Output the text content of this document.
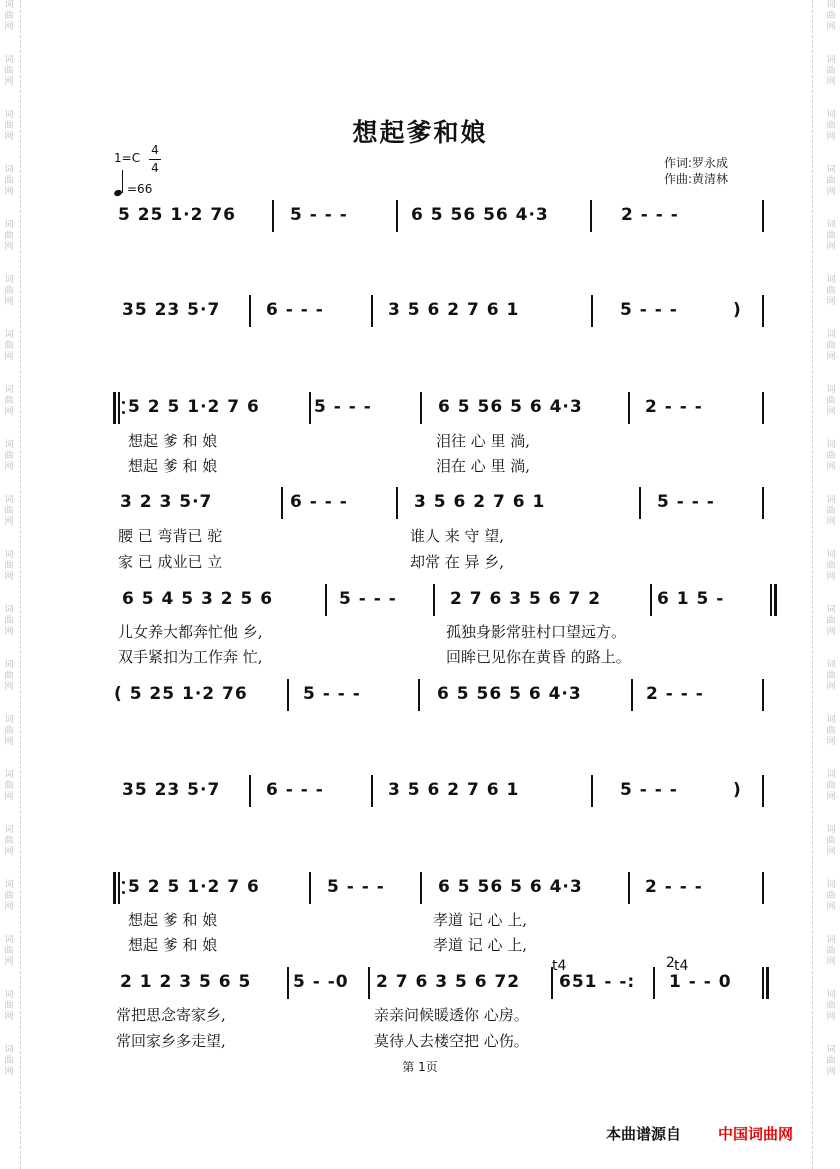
词
曲
网

词
曲
网

词
曲
网

词
曲
网

词
曲
网

词
曲
网

词
曲
网

词
曲
网

词
曲
网

词
曲
网

词
曲
网

词
曲
网

词
曲
网

词
曲
网

词
曲
网

词
曲
网

词
曲
网

词
曲
网

词
曲
网

词
曲
网

词
曲
网

词
曲
网

词
曲
网

词
曲
网

词
曲
网

词
曲
网

词
曲
网

词
曲
网

词
曲
网

词
曲
网

词
曲
网

词
曲
网

词
曲
网

词
曲
网

词
曲
网

词
曲
网

词
曲
网

词
曲
网

词
曲
网

词
曲
网

想起爹和娘
1=C
4
4
=66
作词:罗永成
作曲:黄清林
5 25 1·2 76	5 - - -	6 5 56 56 4·3	2 - - -
35 23 5·7	6 - - -	3 5 6 2 7 6 1	5 - - -	)
5 2 5 1·2 7 6	5 - - -	6 5 56 5 6 4·3	2 - - -
3 2 3 5·7	6 - - -	3 5 6 2 7 6 1	5 - - -
6 5 4 5 3 2 5 6	5 - - -	2 7 6 3 5 6 7 2	6 1 5 -
( 5 25 1·2 76	5 - - -	6 5 56 5 6 4·3	2 - - -
35 23 5·7	6 - - -	3 5 6 2 7 6 1	5 - - -	)
5 2 5 1·2 7 6	5 - - -	6 5 56 5 6 4·3	2 - - -
2 1 2 3 5 6 5 5 - -0 2 7 6 3 5 6 72 651 - -: 1 - - 0
想起 爹 和 娘	泪往 心 里 淌,
想起 爹 和 娘	泪在 心 里 淌,
腰 已 弯背已 驼	谁人 来 守 望,
家 已 成业已 立	却常 在 异 乡,
儿女养大都奔忙他 乡,	孤独身影常驻村口望远方。
双手紧扣为工作奔 忙,	回眸已见你在黄昏 的路上。
想起 爹 和 娘	孝道 记 心 上,
想起 爹 和 娘	孝道 记 心 上,
常把思念寄家乡,	亲亲问候暖透你 心房。
常回家乡多走望,	莫待人去楼空把 心伤。
t4	2 t4
第 1页
本曲谱源自 中国词曲网
